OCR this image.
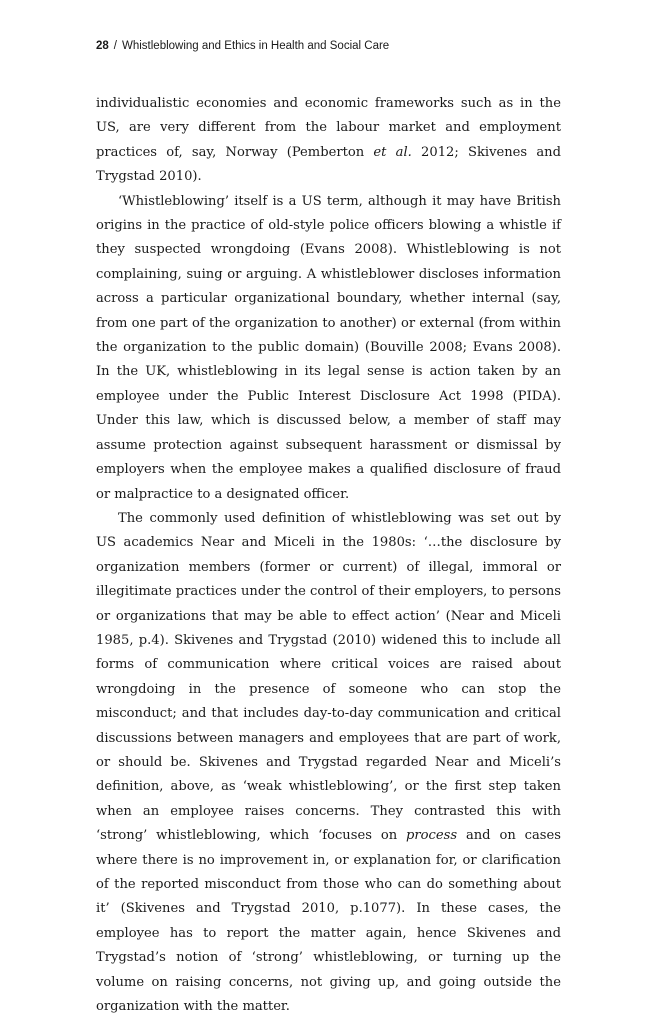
28 / Whistleblowing and Ethics in Health and Social Care

individualistic economies and economic frameworks such as in the US, are very different from the labour market and employment practices of, say, Norway (Pemberton et al. 2012; Skivenes and Trygstad 2010).

‘Whistleblowing’ itself is a US term, although it may have British origins in the practice of old-style police officers blowing a whistle if they suspected wrongdoing (Evans 2008). Whistleblowing is not complaining, suing or arguing. A whistleblower discloses information across a particular organizational boundary, whether internal (say, from one part of the organization to another) or external (from within the organization to the public domain) (Bouville 2008; Evans 2008). In the UK, whistleblowing in its legal sense is action taken by an employee under the Public Interest Disclosure Act 1998 (PIDA). Under this law, which is discussed below, a member of staff may assume protection against subsequent harassment or dismissal by employers when the employee makes a qualified disclosure of fraud or malpractice to a designated officer.

The commonly used definition of whistleblowing was set out by US academics Near and Miceli in the 1980s: ‘…the disclosure by organization members (former or current) of illegal, immoral or illegitimate practices under the control of their employers, to persons or organizations that may be able to effect action’ (Near and Miceli 1985, p.4). Skivenes and Trygstad (2010) widened this to include all forms of communication where critical voices are raised about wrongdoing in the presence of someone who can stop the misconduct; and that includes day-to-day communication and critical discussions between managers and employees that are part of work, or should be. Skivenes and Trygstad regarded Near and Miceli’s definition, above, as ‘weak whistleblowing’, or the first step taken when an employee raises concerns. They contrasted this with ‘strong’ whistleblowing, which ‘focuses on process and on cases where there is no improvement in, or explanation for, or clarification of the reported misconduct from those who can do something about it’ (Skivenes and Trygstad 2010, p.1077). In these cases, the employee has to report the matter again, hence Skivenes and Trygstad’s notion of ‘strong’ whistleblowing, or turning up the volume on raising concerns, not giving up, and going outside the organization with the matter.
